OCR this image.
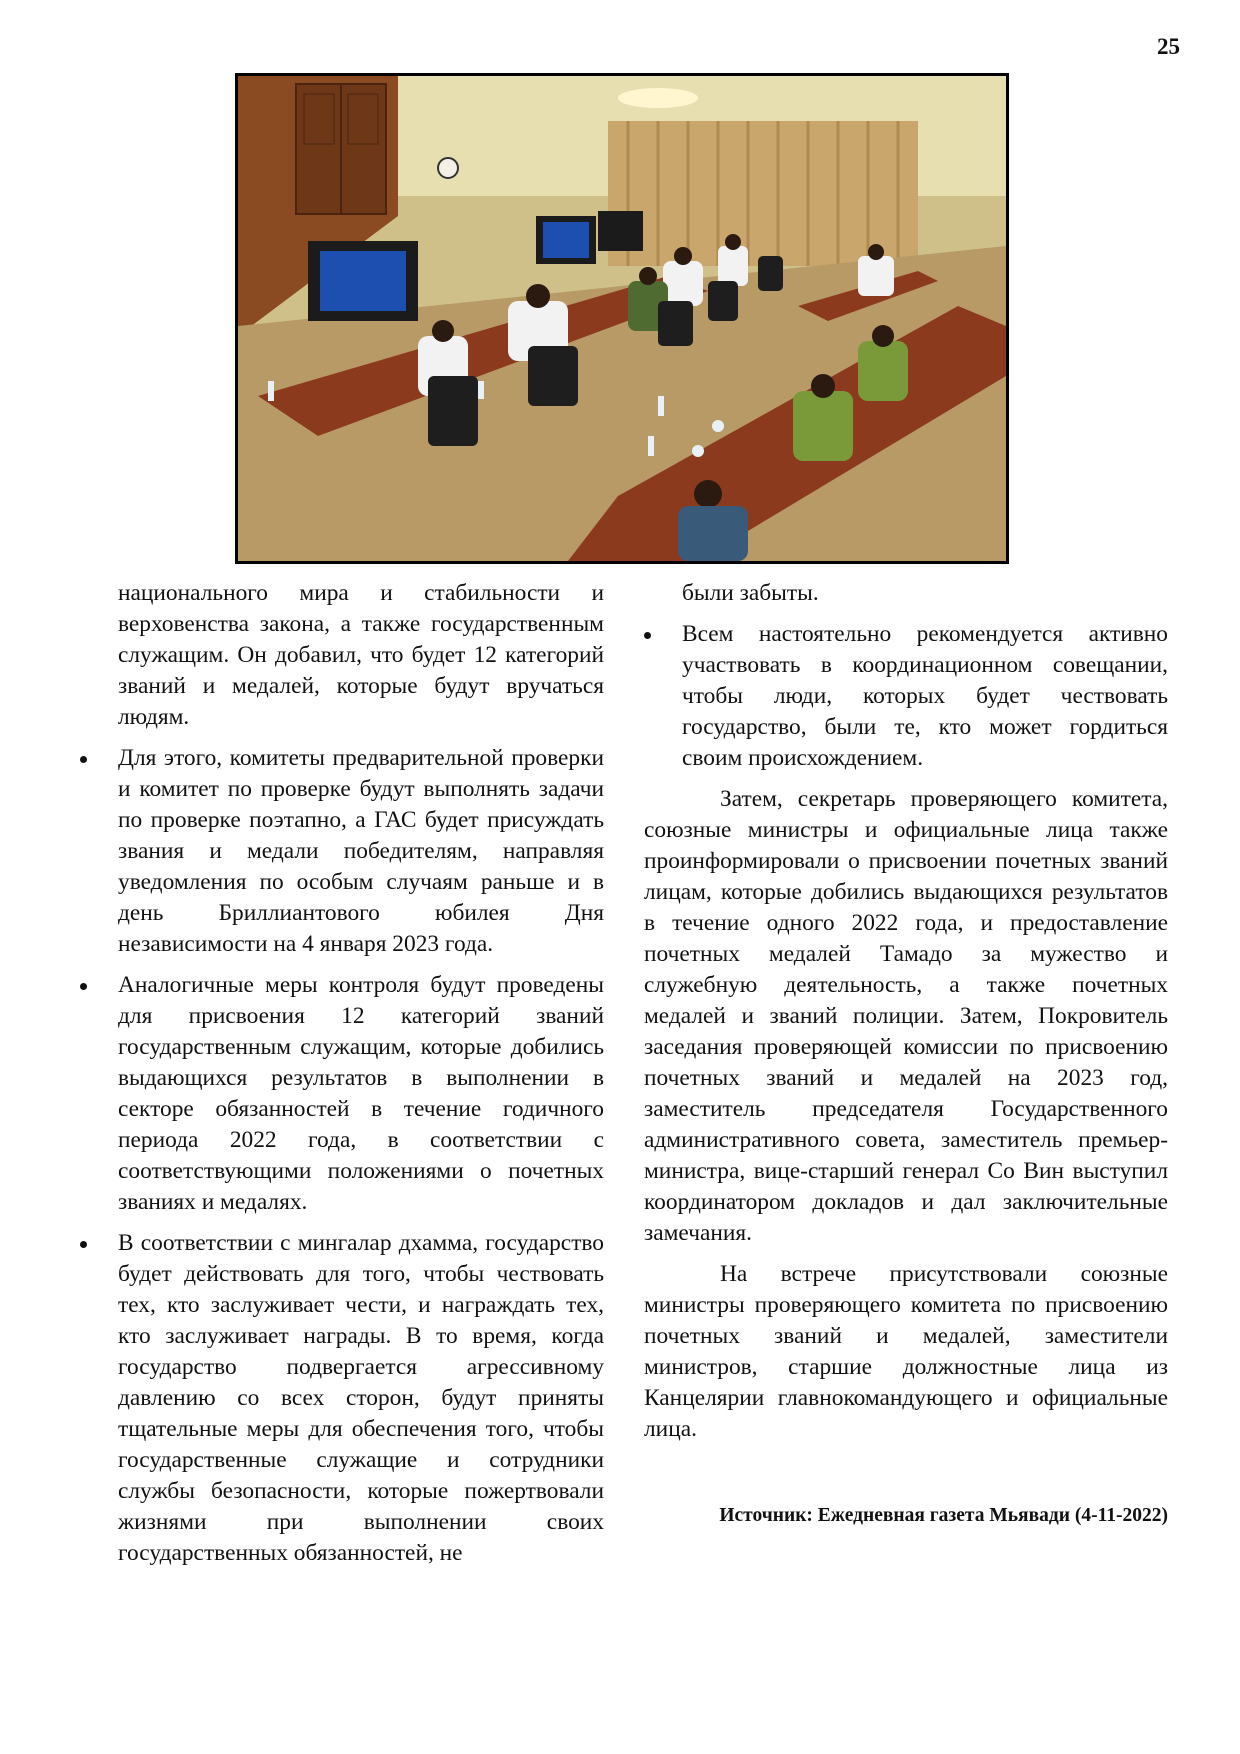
25

национального мира и стабильности и верховенства закона, а также государственным служащим. Он добавил, что будет 12 категорий званий и медалей, которые будут вручаться людям.

Для этого, комитеты предварительной проверки и комитет по проверке будут выполнять задачи по проверке поэтапно, а ГАС будет присуждать звания и медали победителям, направляя уведомления по особым случаям раньше и в день Бриллиантового юбилея Дня независимости на 4 января 2023 года.
Аналогичные меры контроля будут проведены для присвоения 12 категорий званий государственным служащим, которые добились выдающихся результатов в выполнении в секторе обязанностей в течение годичного периода 2022 года, в соответствии с соответствующими положениями о почетных званиях и медалях.
В соответствии с мингалар дхамма, государство будет действовать для того, чтобы чествовать тех, кто заслуживает чести, и награждать тех, кто заслуживает награды. В то время, когда государство подвергается агрессивному давлению со всех сторон, будут приняты тщательные меры для обеспечения того, чтобы государственные служащие и сотрудники службы безопасности, которые пожертвовали жизнями при выполнении своих государственных обязанностей, не

были забыты.

Всем настоятельно рекомендуется активно участвовать в координационном совещании, чтобы люди, которых будет чествовать государство, были те, кто может гордиться своим происхождением.

Затем, секретарь проверяющего комитета, союзные министры и официальные лица также проинформировали о присвоении почетных званий лицам, которые добились выдающихся результатов в течение одного 2022 года, и предоставление почетных медалей Тамадо за мужество и служебную деятельность, а также почетных медалей и званий полиции. Затем, Покровитель заседания проверяющей комиссии по присвоению почетных званий и медалей на 2023 год, заместитель председателя Государственного административного совета, заместитель премьер-министра, вице-старший генерал Со Вин выступил координатором докладов и дал заключительные замечания.

На встрече присутствовали союзные министры проверяющего комитета по присвоению почетных званий и медалей, заместители министров, старшие должностные лица из Канцелярии главнокомандующего и официальные лица.

Источник: Ежедневная газета Мьявади (4-11-2022)
